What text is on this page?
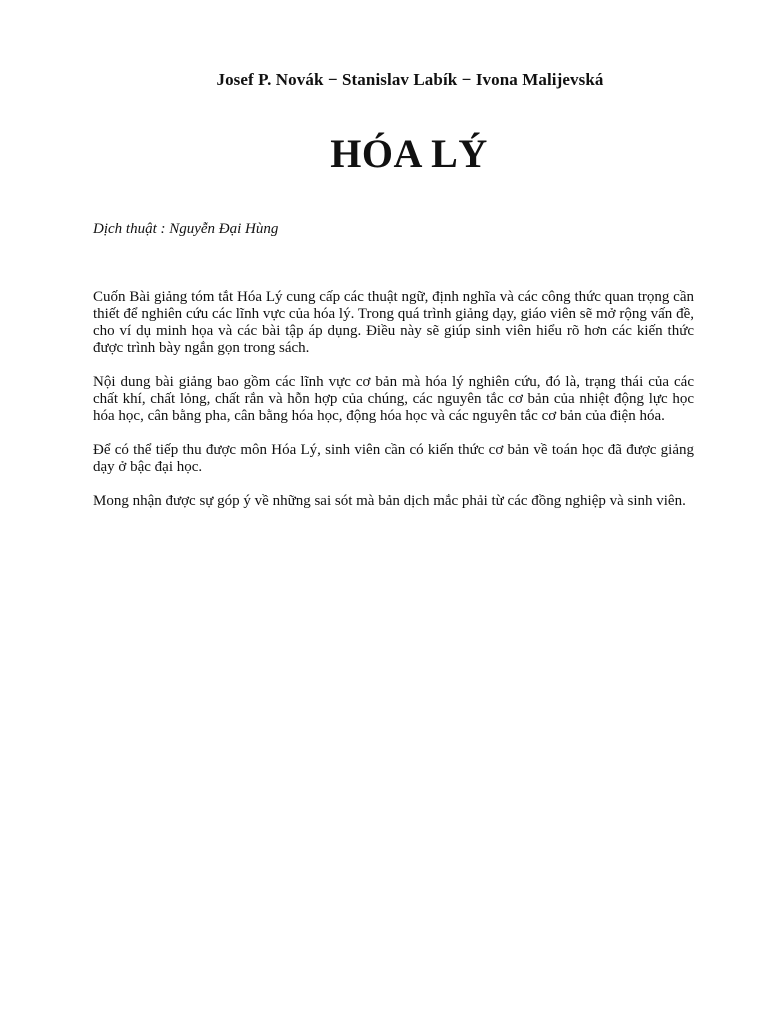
Josef P. Novák − Stanislav Labík − Ivona Malijevská
HÓA LÝ
Dịch thuật : Nguyễn Đại Hùng

Cuốn Bài giảng tóm tắt Hóa Lý cung cấp các thuật ngữ, định nghĩa và các công thức quan trọng cần thiết để nghiên cứu các lĩnh vực của hóa lý. Trong quá trình giảng dạy, giáo viên sẽ mở rộng vấn đề, cho ví dụ minh họa và các bài tập áp dụng. Điều này sẽ giúp sinh viên hiểu rõ hơn các kiến thức được trình bày ngắn gọn trong sách.

Nội dung bài giảng bao gồm các lĩnh vực cơ bản mà hóa lý nghiên cứu, đó là, trạng thái của các chất khí, chất lỏng, chất rắn và hỗn hợp của chúng, các nguyên tắc cơ bản của nhiệt động lực học hóa học, cân bằng pha, cân bằng hóa học, động hóa học và các nguyên tắc cơ bản của điện hóa.

Để có thể tiếp thu được môn Hóa Lý, sinh viên cần có kiến thức cơ bản về toán học đã được giảng dạy ở bậc đại học.

Mong nhận được sự góp ý về những sai sót mà bản dịch mắc phải từ các đồng nghiệp và sinh viên.
